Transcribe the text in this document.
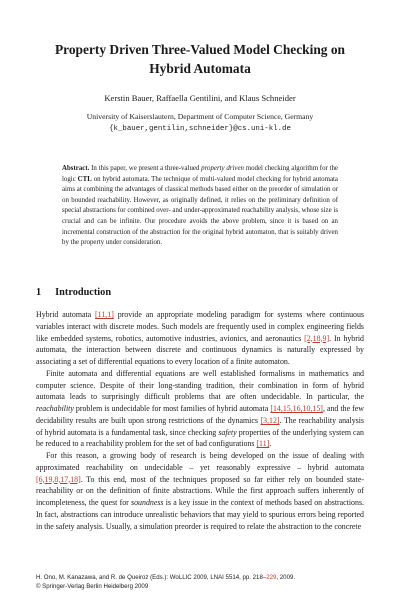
Property Driven Three-Valued Model Checking on
Hybrid Automata
Kerstin Bauer, Raffaella Gentilini, and Klaus Schneider
University of Kaiserslautern, Department of Computer Science, Germany
{k_bauer,gentilin,schneider}@cs.uni-kl.de

Abstract. In this paper, we present a three-valued property driven model checking algorithm for the logic CTL on hybrid automata. The technique of multi-valued model checking for hybrid automata aims at combining the advantages of classical methods based either on the preorder of simulation or on bounded reachability. However, as originally defined, it relies on the preliminary definition of special abstractions for combined over- and under-approximated reachability analysis, whose size is crucial and can be infinite. Our procedure avoids the above problem, since it is based on an incremental construction of the abstraction for the original hybrid automaton, that is suitably driven by the property under consideration.

1 Introduction

Hybrid automata [11,1] provide an appropriate modeling paradigm for systems where continuous variables interact with discrete modes. Such models are frequently used in complex engineering fields like embedded systems, robotics, automotive industries, avionics, and aeronautics [2,18,9]. In hybrid automata, the interaction between discrete and continuous dynamics is naturally expressed by associating a set of differential equations to every location of a finite automaton.

Finite automata and differential equations are well established formalisms in mathematics and computer science. Despite of their long-standing tradition, their combination in form of hybrid automata leads to surprisingly difficult problems that are often undecidable. In particular, the reachability problem is undecidable for most families of hybrid automata [14,15,16,10,15], and the few decidability results are built upon strong restrictions of the dynamics [3,12]. The reachability analysis of hybrid automata is a fundamental task, since checking safety properties of the underlying system can be reduced to a reachability problem for the set of bad configurations [11].

For this reason, a growing body of research is being developed on the issue of dealing with approximated reachability on undecidable – yet reasonably expressive – hybrid automata [6,19,8,17,18]. To this end, most of the techniques proposed so far either rely on bounded state-reachability or on the definition of finite abstractions. While the first approach suffers inherently of incompleteness, the quest for soundness is a key issue in the context of methods based on abstractions. In fact, abstractions can introduce unrealistic behaviors that may yield to spurious errors being reported in the safety analysis. Usually, a simulation preorder is required to relate the abstraction to the concrete

H. Ono, M. Kanazawa, and R. de Queiroz (Eds.): WoLLIC 2009, LNAI 5514, pp. 218–229, 2009.
© Springer-Verlag Berlin Heidelberg 2009
